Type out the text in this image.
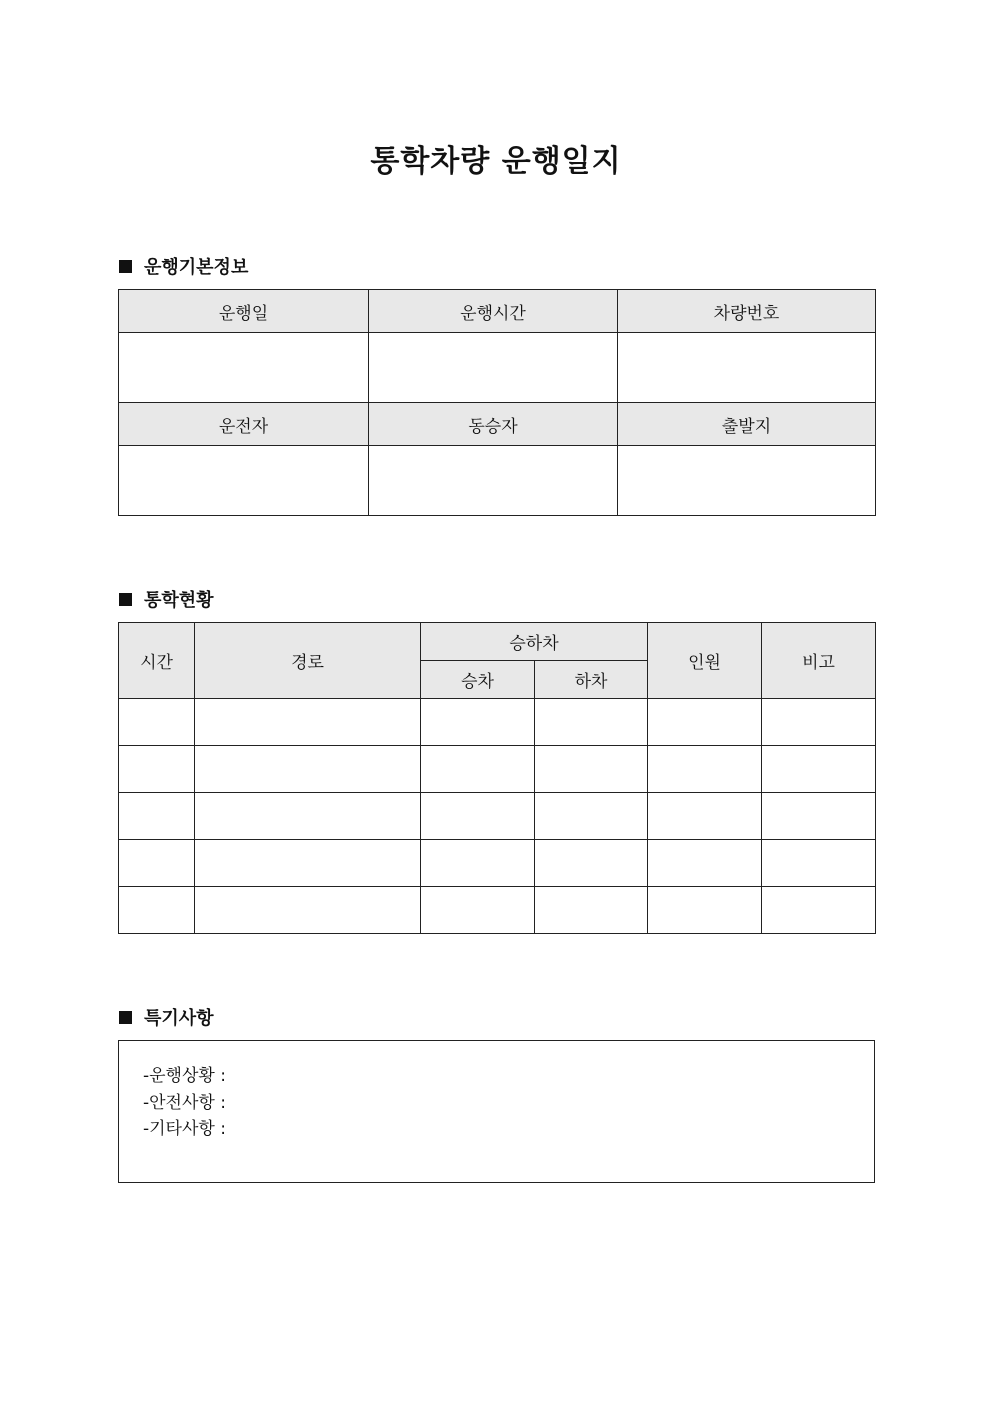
통학차량 운행일지
운행기본정보
운행일	운행시간	차량번호

운전자	동승자	출발지

통학현황
시간	경로	승하차		인원	비고
		승차	하차		

특기사항
-운행상황 :
-안전사항 :
-기타사항 :
